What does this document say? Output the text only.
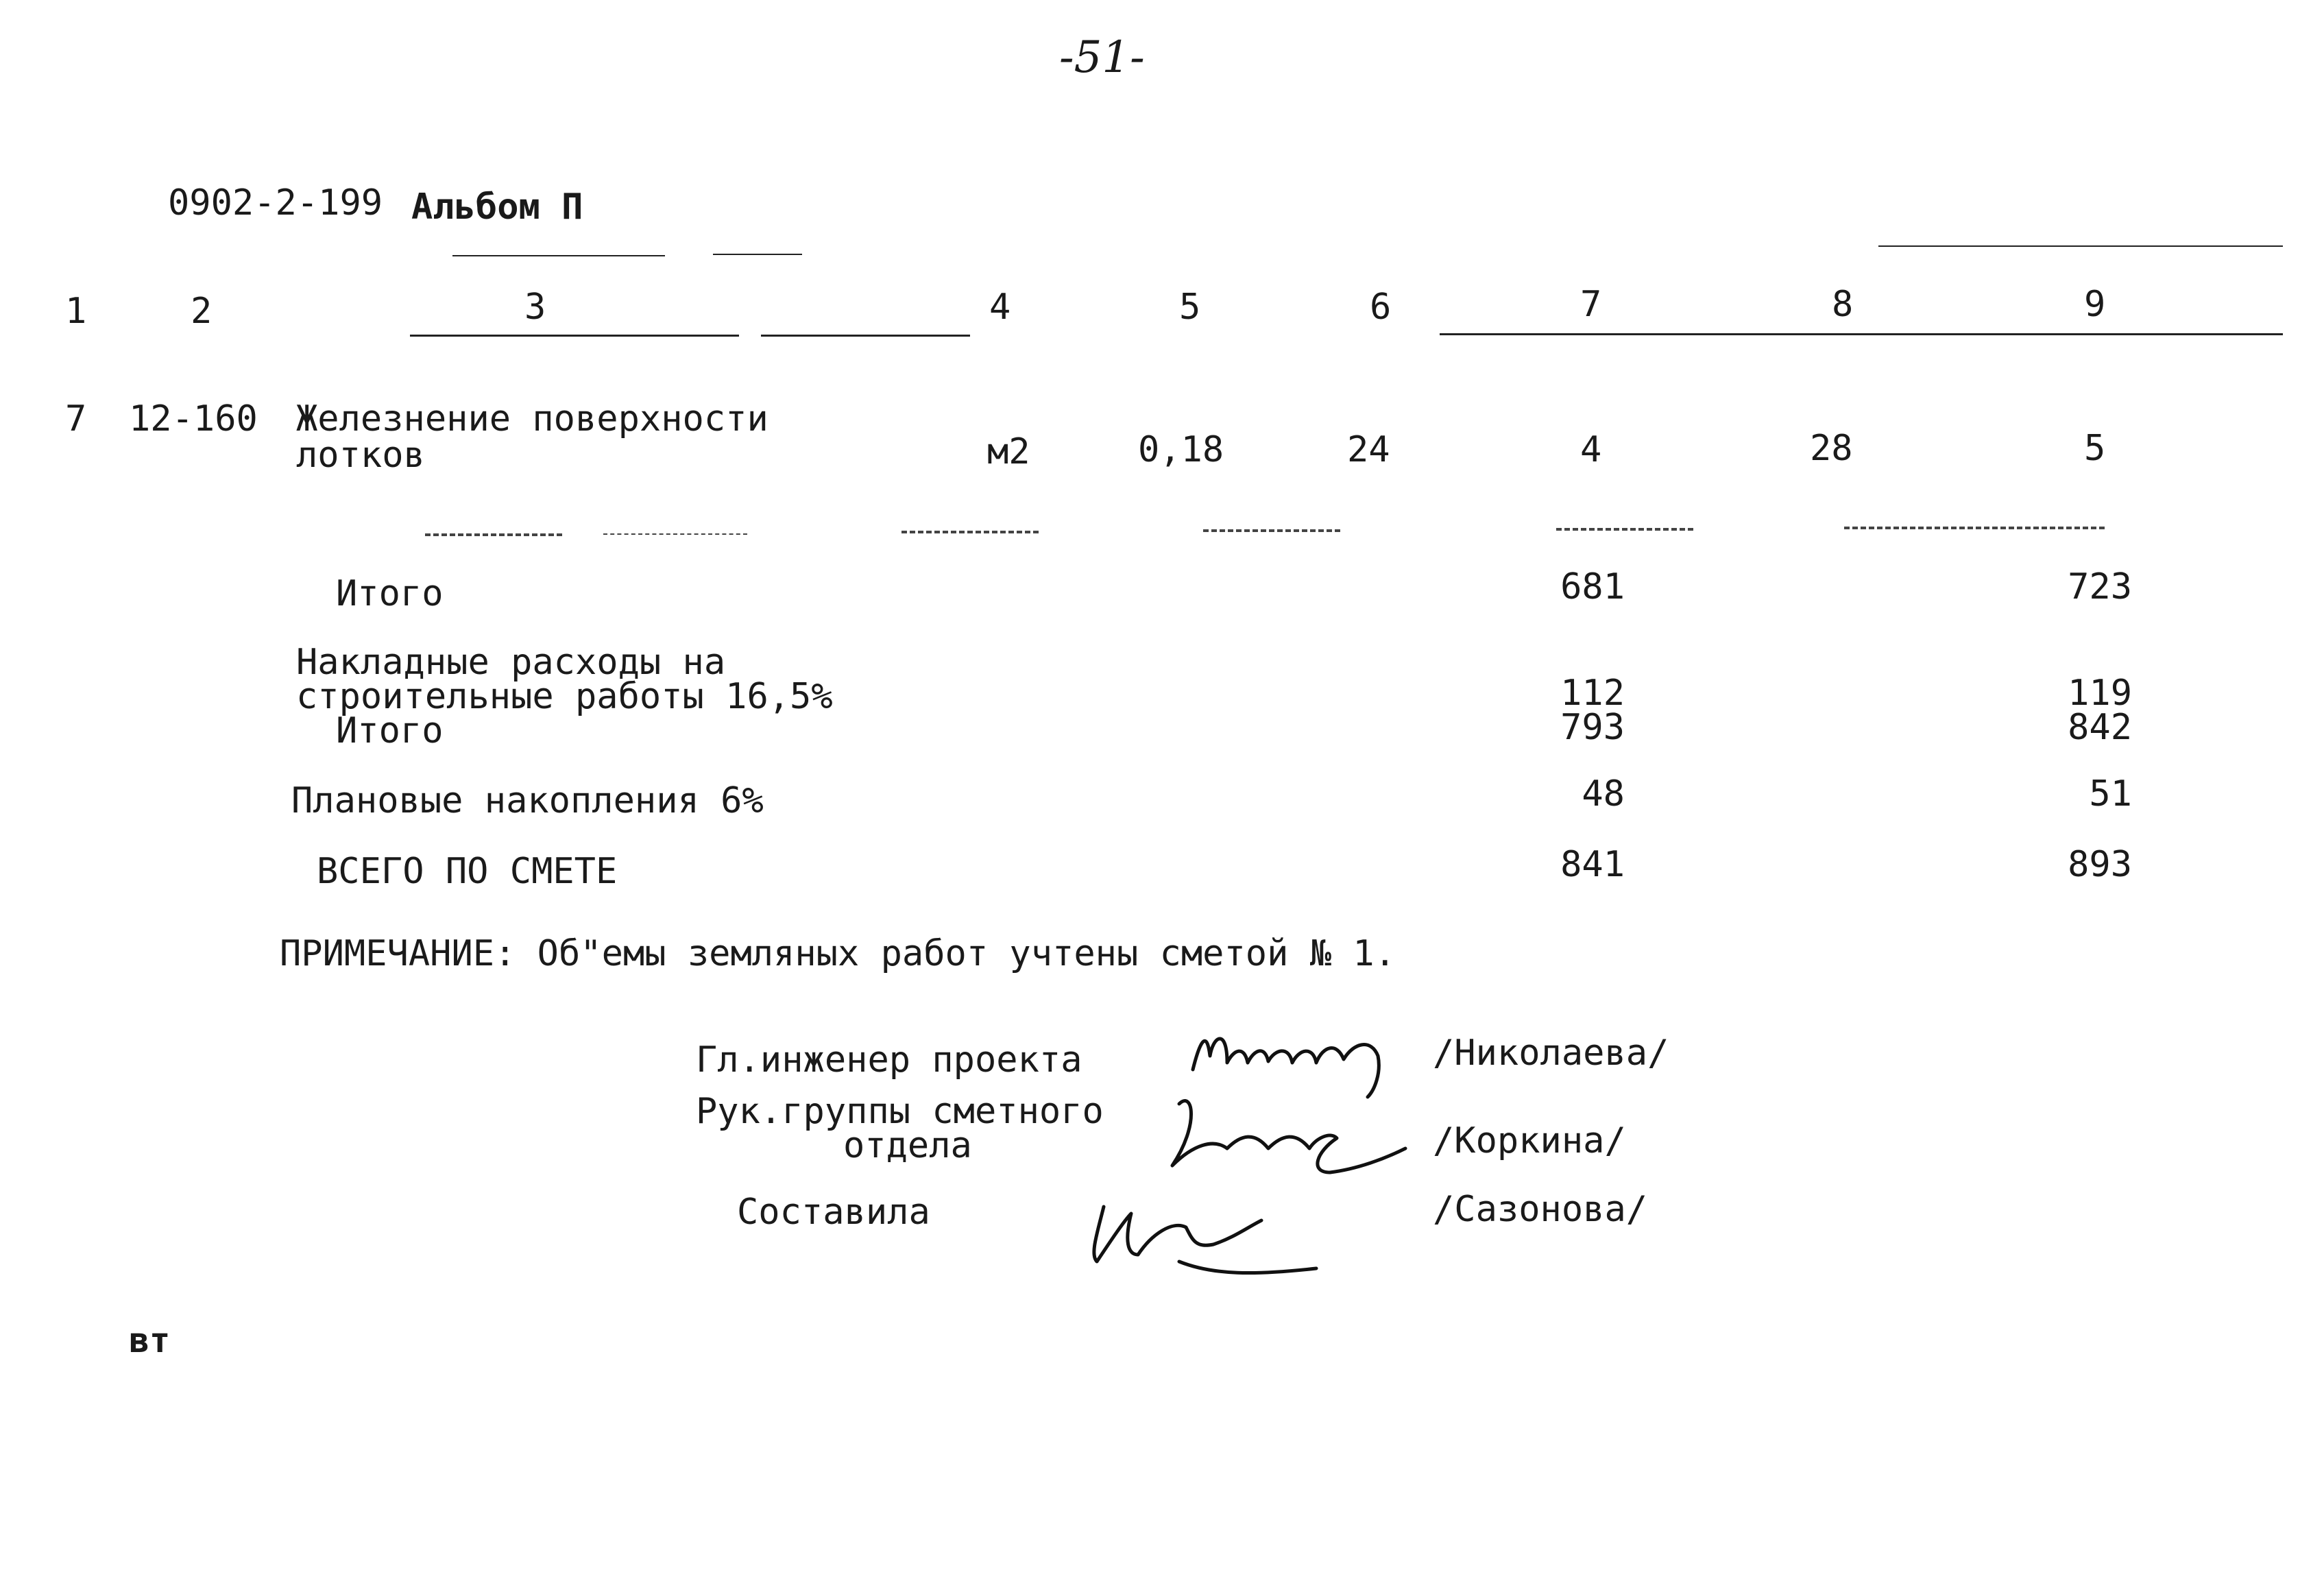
-51-
0902-2-199 Альбом П
1	2	3	4	5	6	7	8	9
7 12-160 Железнение поверхности
лотков	м2	0,18	24	4	28	5
Итого	681	723
Накладные расходы на
строительные работы 16,5%	112	119
Итого	793	842
Плановые накопления 6%	48	51
ВСЕГО ПО СМЕТЕ	841	893
ПРИМЕЧАНИЕ: Об"емы земляных работ учтены сметой № 1.
Гл.инженер проекта	/Николаева/
Рук.группы сметного
отдела	/Коркина/
Составила	/Сазонова/
вт
